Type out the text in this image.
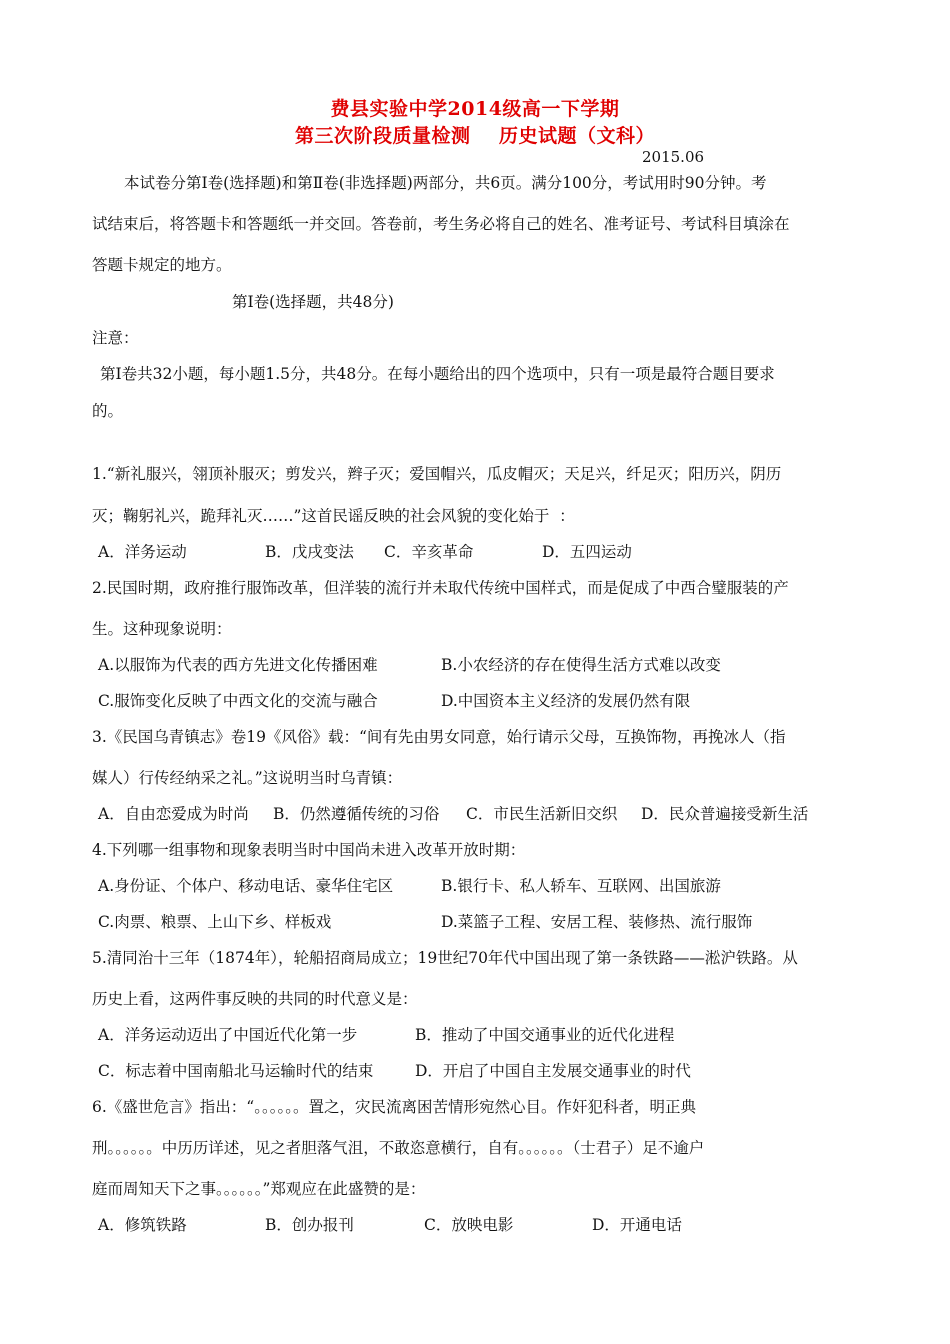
费县实验中学2014级高一下学期
第三次阶段质量检测    历史试题（文科）
2015.06
本试卷分第Ⅰ卷(选择题)和第Ⅱ卷(非选择题)两部分，共6页。满分100分，考试用时90分钟。考
试结束后，将答题卡和答题纸一并交回。答卷前，考生务必将自己的姓名、准考证号、考试科目填涂在
答题卡规定的地方。
第Ⅰ卷(选择题，共48分)
注意：
第Ⅰ卷共32小题，每小题1.5分，共48分。在每小题给出的四个选项中，只有一项是最符合题目要求
的。
1.“新礼服兴，翎顶补服灭；剪发兴，辫子灭；爱国帽兴，瓜皮帽灭；天足兴，纤足灭；阳历兴，阴历
灭；鞠躬礼兴，跪拜礼灭……”这首民谣反映的社会风貌的变化始于  ：
A．洋务运动	B．戊戌变法 C．辛亥革命	D．五四运动
2.民国时期，政府推行服饰改革，但洋装的流行并未取代传统中国样式，而是促成了中西合璧服装的产
生。这种现象说明：
A.以服饰为代表的西方先进文化传播困难	B.小农经济的存在使得生活方式难以改变
C.服饰变化反映了中西文化的交流与融合	D.中国资本主义经济的发展仍然有限
3.《民国乌青镇志》卷19《风俗》载：“间有先由男女同意，始行请示父母，互换饰物，再挽冰人（指
媒人）行传经纳采之礼。”这说明当时乌青镇：
A．自由恋爱成为时尚 B．仍然遵循传统的习俗 C．市民生活新旧交织 D．民众普遍接受新生活
4.下列哪一组事物和现象表明当时中国尚未进入改革开放时期：
A.身份证、个体户、移动电话、豪华住宅区	B.银行卡、私人轿车、互联网、出国旅游
C.肉票、粮票、上山下乡、样板戏	D.菜篮子工程、安居工程、装修热、流行服饰
5.清同治十三年（1874年），轮船招商局成立；19世纪70年代中国出现了第一条铁路——淞沪铁路。从
历史上看，这两件事反映的共同的时代意义是：
A．洋务运动迈出了中国近代化第一步	B．推动了中国交通事业的近代化进程
C．标志着中国南船北马运输时代的结束	D．开启了中国自主发展交通事业的时代
6.《盛世危言》指出：“。。。。。。置之，灾民流离困苦情形宛然心目。作奸犯科者，明正典
刑。。。。。。中历历详述，见之者胆落气沮，不敢恣意横行，自有。。。。。。（士君子）足不逾户
庭而周知天下之事。。。。。。”郑观应在此盛赞的是：
A．修筑铁路	B．创办报刊	C．放映电影	D．开通电话
